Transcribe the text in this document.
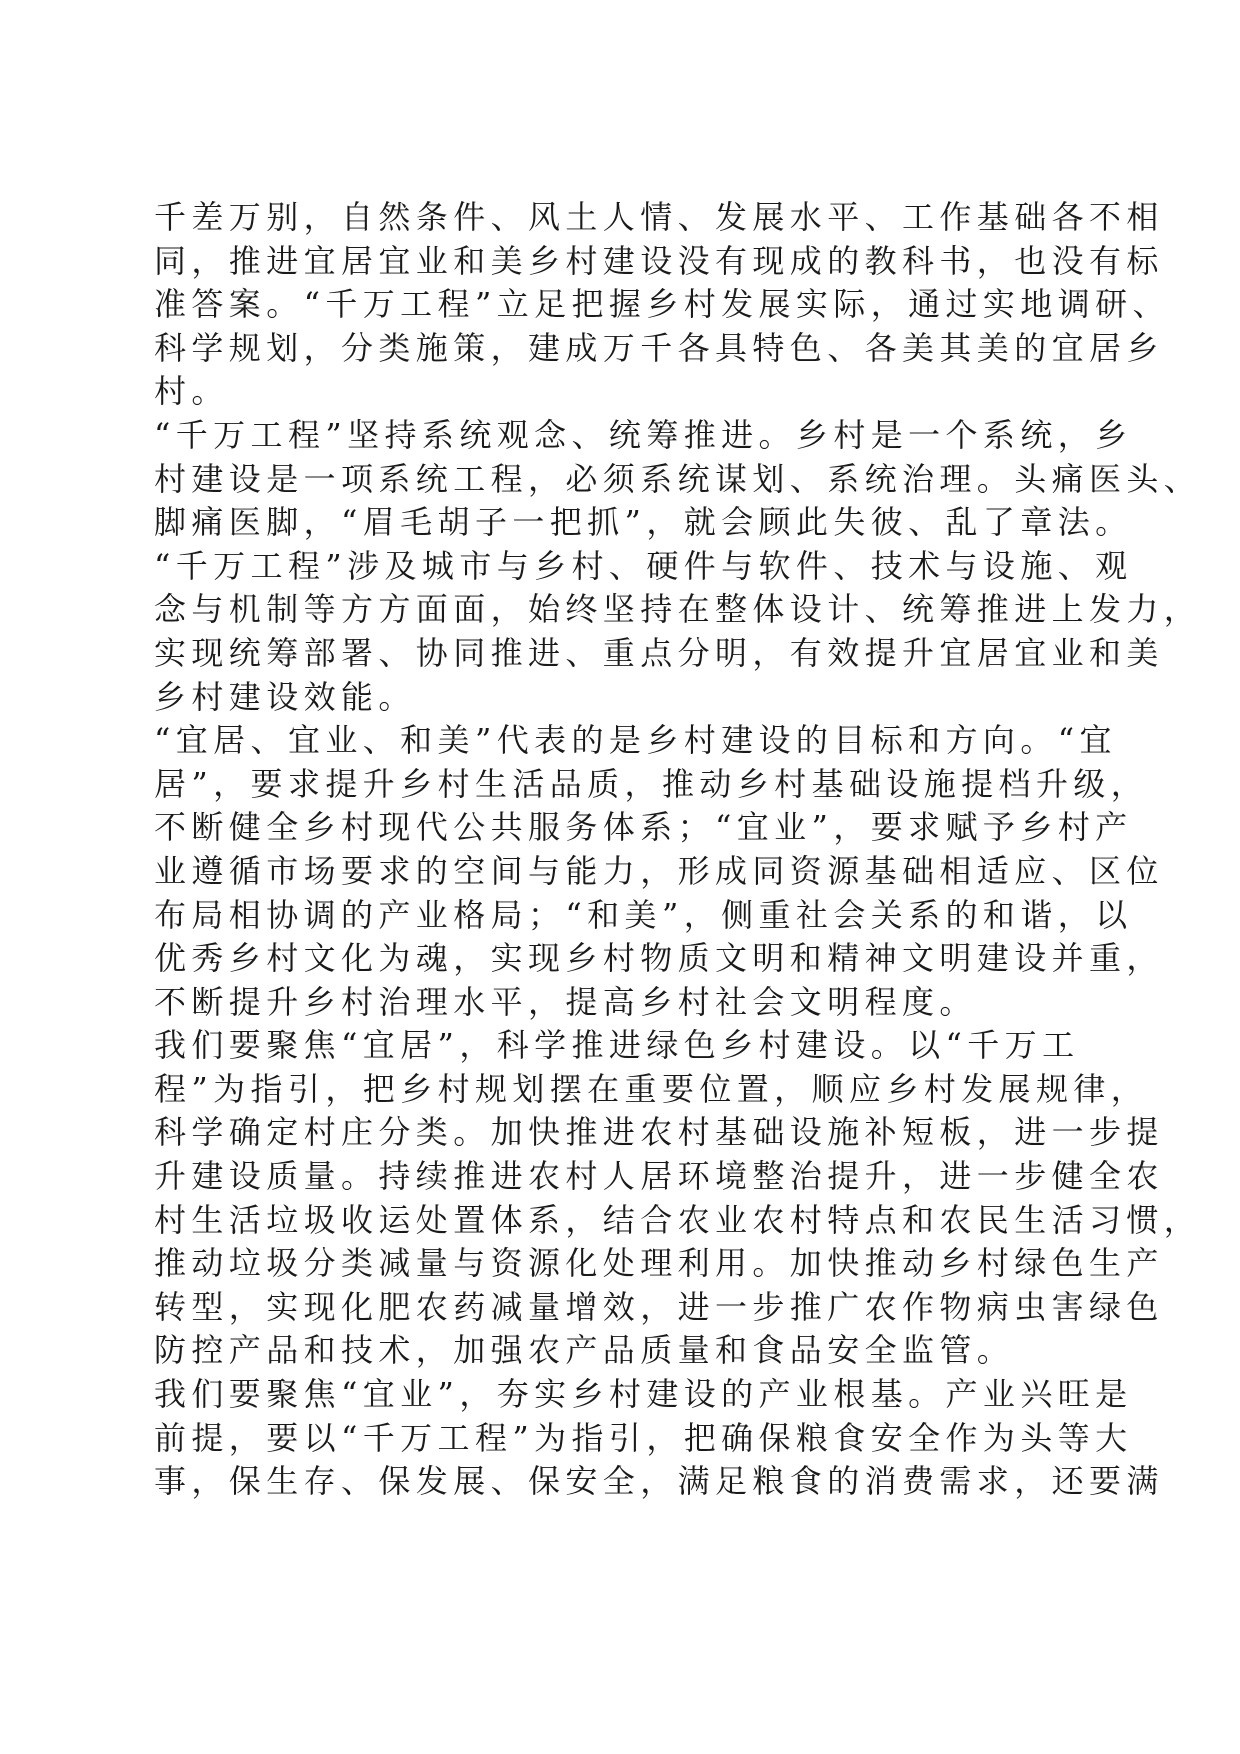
千差万别，自然条件、风土人情、发展水平、工作基础各不相
同，推进宜居宜业和美乡村建设没有现成的教科书，也没有标
准答案。“千万工程”立足把握乡村发展实际，通过实地调研、
科学规划，分类施策，建成万千各具特色、各美其美的宜居乡
村。
“千万工程”坚持系统观念、统筹推进。乡村是一个系统，乡
村建设是一项系统工程，必须系统谋划、系统治理。头痛医头、
脚痛医脚，“眉毛胡子一把抓”，就会顾此失彼、乱了章法。
“千万工程”涉及城市与乡村、硬件与软件、技术与设施、观
念与机制等方方面面，始终坚持在整体设计、统筹推进上发力，
实现统筹部署、协同推进、重点分明，有效提升宜居宜业和美
乡村建设效能。
“宜居、宜业、和美”代表的是乡村建设的目标和方向。“宜
居”，要求提升乡村生活品质，推动乡村基础设施提档升级，
不断健全乡村现代公共服务体系；“宜业”，要求赋予乡村产
业遵循市场要求的空间与能力，形成同资源基础相适应、区位
布局相协调的产业格局；“和美”，侧重社会关系的和谐，以
优秀乡村文化为魂，实现乡村物质文明和精神文明建设并重，
不断提升乡村治理水平，提高乡村社会文明程度。
我们要聚焦“宜居”，科学推进绿色乡村建设。以“千万工
程”为指引，把乡村规划摆在重要位置，顺应乡村发展规律，
科学确定村庄分类。加快推进农村基础设施补短板，进一步提
升建设质量。持续推进农村人居环境整治提升，进一步健全农
村生活垃圾收运处置体系，结合农业农村特点和农民生活习惯，
推动垃圾分类减量与资源化处理利用。加快推动乡村绿色生产
转型，实现化肥农药减量增效，进一步推广农作物病虫害绿色
防控产品和技术，加强农产品质量和食品安全监管。
我们要聚焦“宜业”，夯实乡村建设的产业根基。产业兴旺是
前提，要以“千万工程”为指引，把确保粮食安全作为头等大
事，保生存、保发展、保安全，满足粮食的消费需求，还要满
